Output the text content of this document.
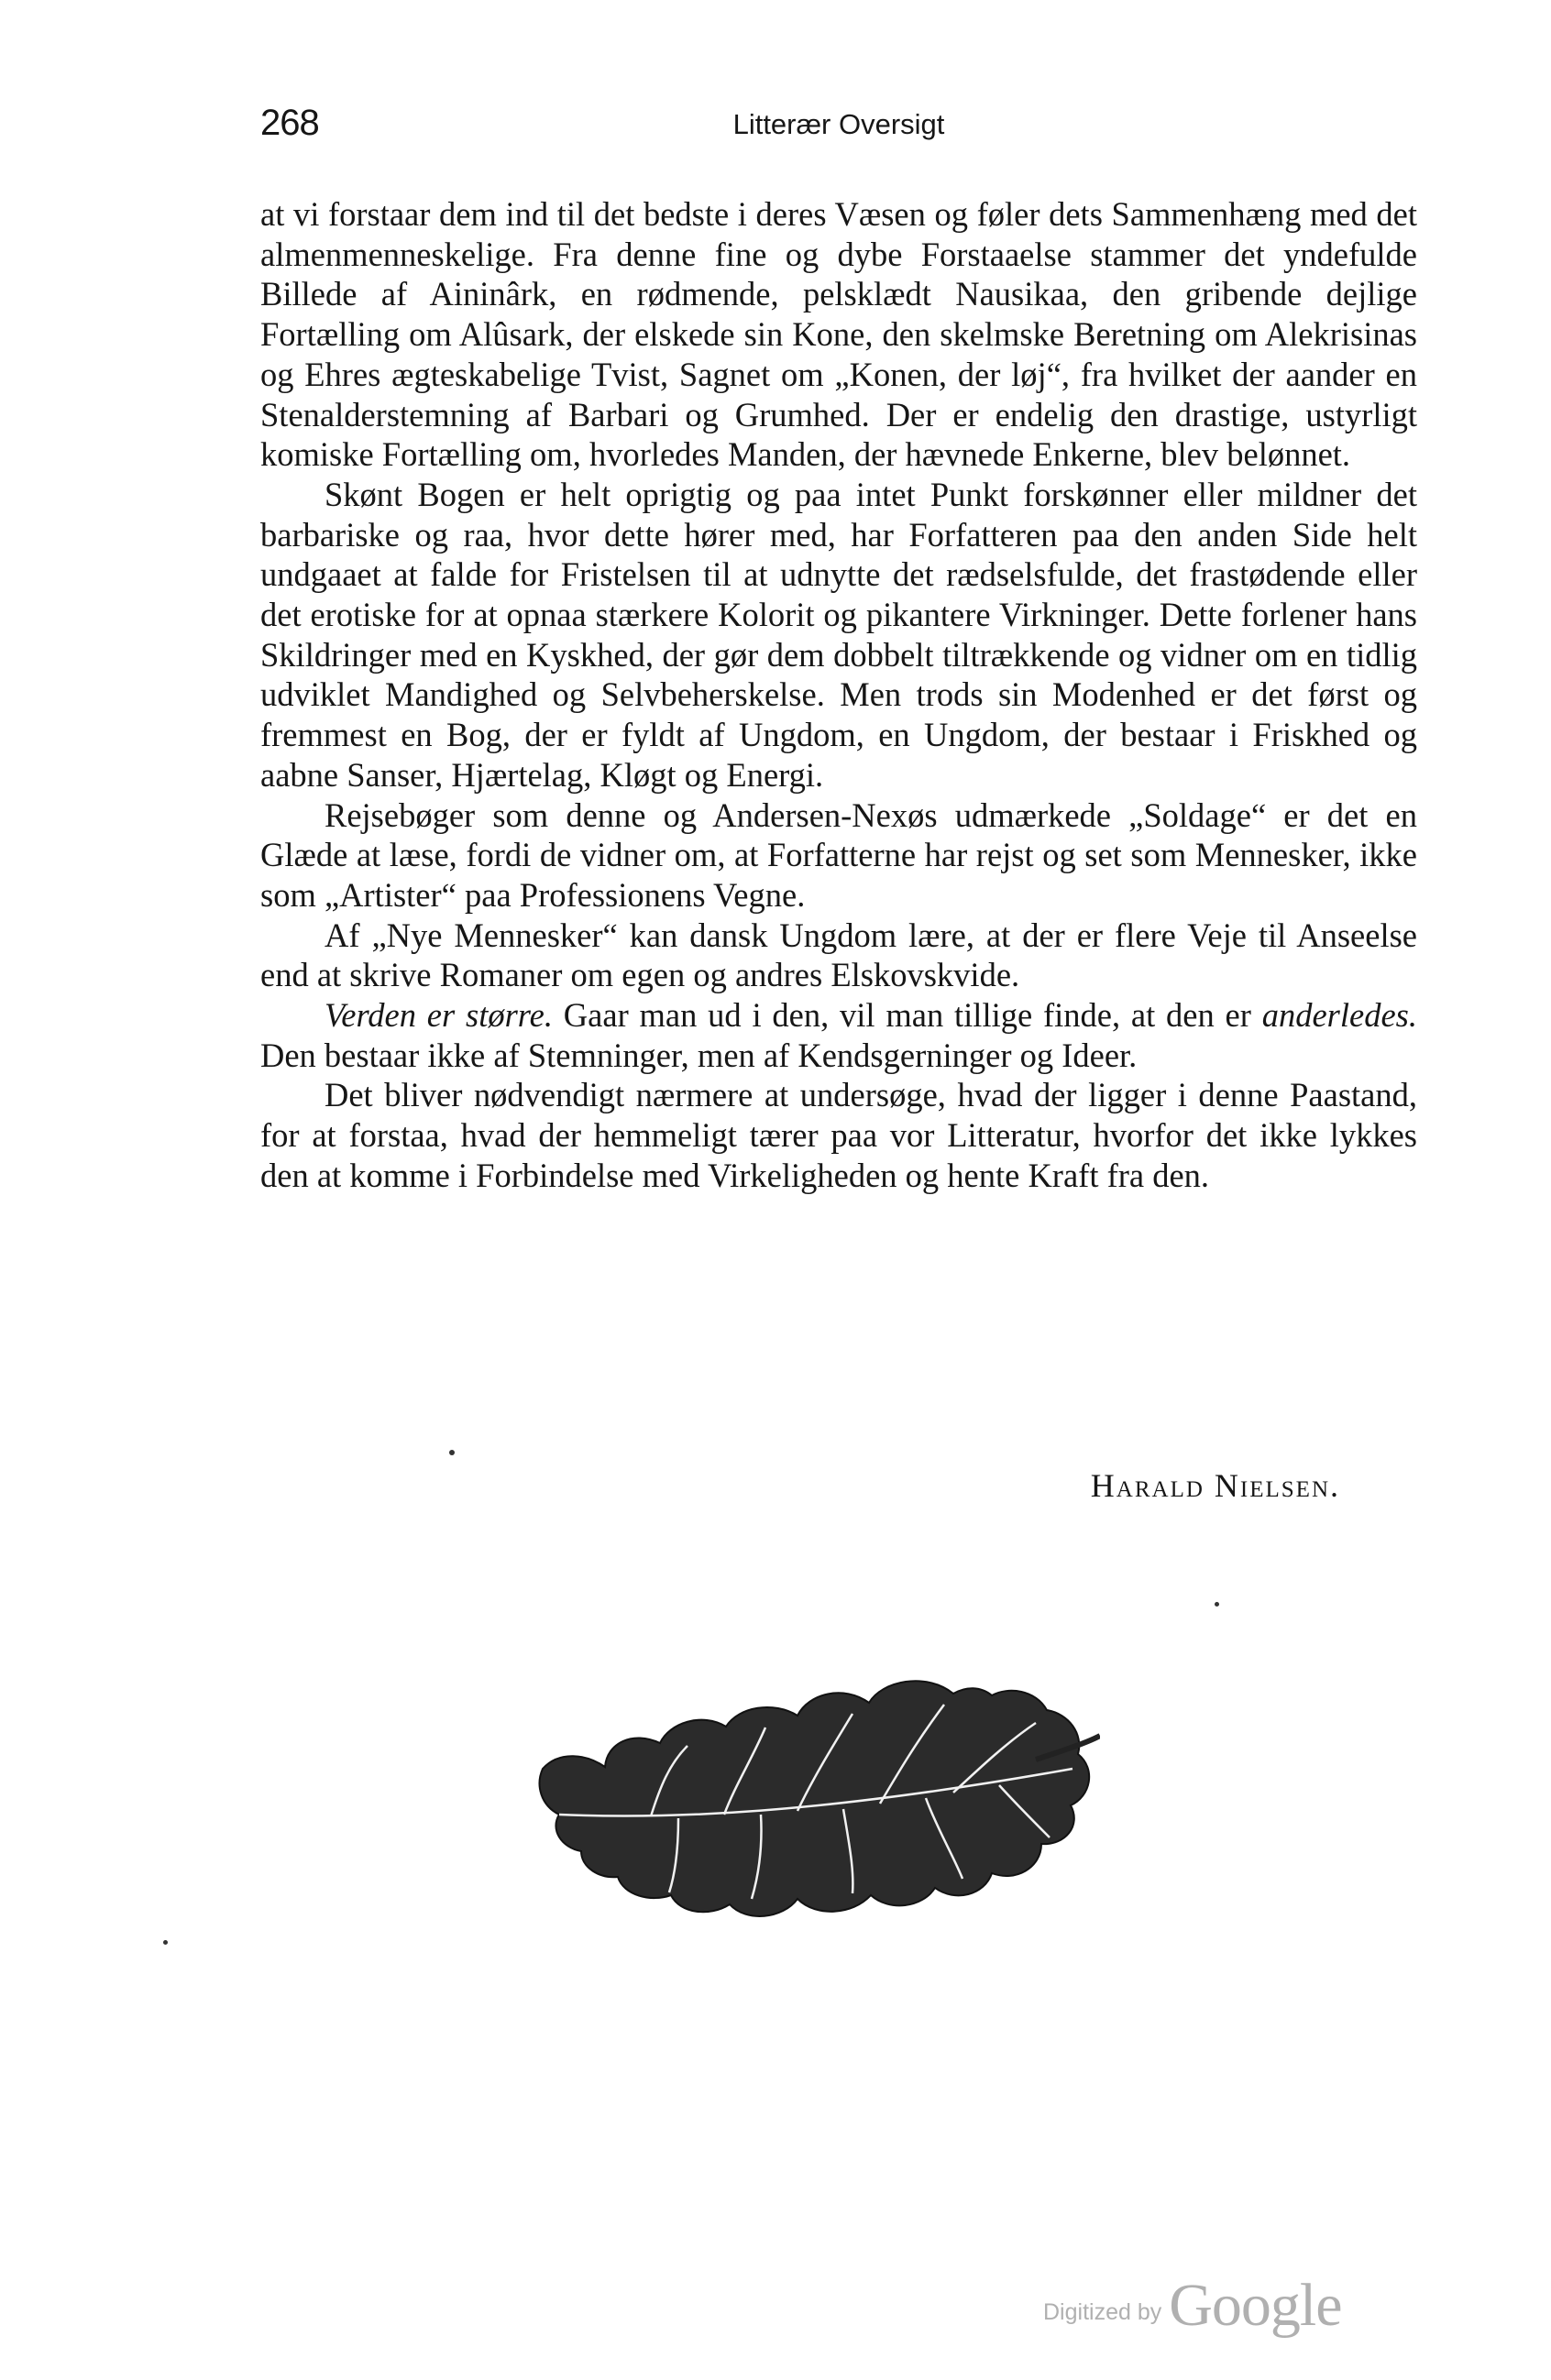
268	Litterær Oversigt

at vi forstaar dem ind til det bedste i deres Væsen og føler dets Sammenhæng med det almenmenneskelige. Fra denne fine og dybe Forstaaelse stammer det yndefulde Billede af Aininârk, en rødmende, pelsklædt Nausikaa, den gribende dejlige Fortælling om Alûsark, der elskede sin Kone, den skelmske Beretning om Alekrisinas og Ehres ægteskabelige Tvist, Sagnet om „Konen, der løj“, fra hvilket der aander en Stenalderstemning af Barbari og Grumhed. Der er endelig den drastige, ustyrligt komiske Fortælling om, hvorledes Manden, der hævnede Enkerne, blev belønnet.

Skønt Bogen er helt oprigtig og paa intet Punkt forskønner eller mildner det barbariske og raa, hvor dette hører med, har Forfatteren paa den anden Side helt undgaaet at falde for Fristelsen til at udnytte det rædselsfulde, det frastødende eller det erotiske for at opnaa stærkere Kolorit og pikantere Virkninger. Dette forlener hans Skildringer med en Kyskhed, der gør dem dobbelt tiltrækkende og vidner om en tidlig udviklet Mandighed og Selvbeherskelse. Men trods sin Modenhed er det først og fremmest en Bog, der er fyldt af Ungdom, en Ungdom, der bestaar i Friskhed og aabne Sanser, Hjærtelag, Kløgt og Energi.

Rejsebøger som denne og Andersen-Nexøs udmærkede „Soldage“ er det en Glæde at læse, fordi de vidner om, at Forfatterne har rejst og set som Mennesker, ikke som „Artister“ paa Professionens Vegne.

Af „Nye Mennesker“ kan dansk Ungdom lære, at der er flere Veje til Anseelse end at skrive Romaner om egen og andres Elskovskvide.

Verden er større. Gaar man ud i den, vil man tillige finde, at den er anderledes. Den bestaar ikke af Stemninger, men af Kendsgerninger og Ideer.

Det bliver nødvendigt nærmere at undersøge, hvad der ligger i denne Paastand, for at forstaa, hvad der hemmeligt tærer paa vor Litteratur, hvorfor det ikke lykkes den at komme i Forbindelse med Virkeligheden og hente Kraft fra den.

Harald Nielsen.
Digitized by Google
